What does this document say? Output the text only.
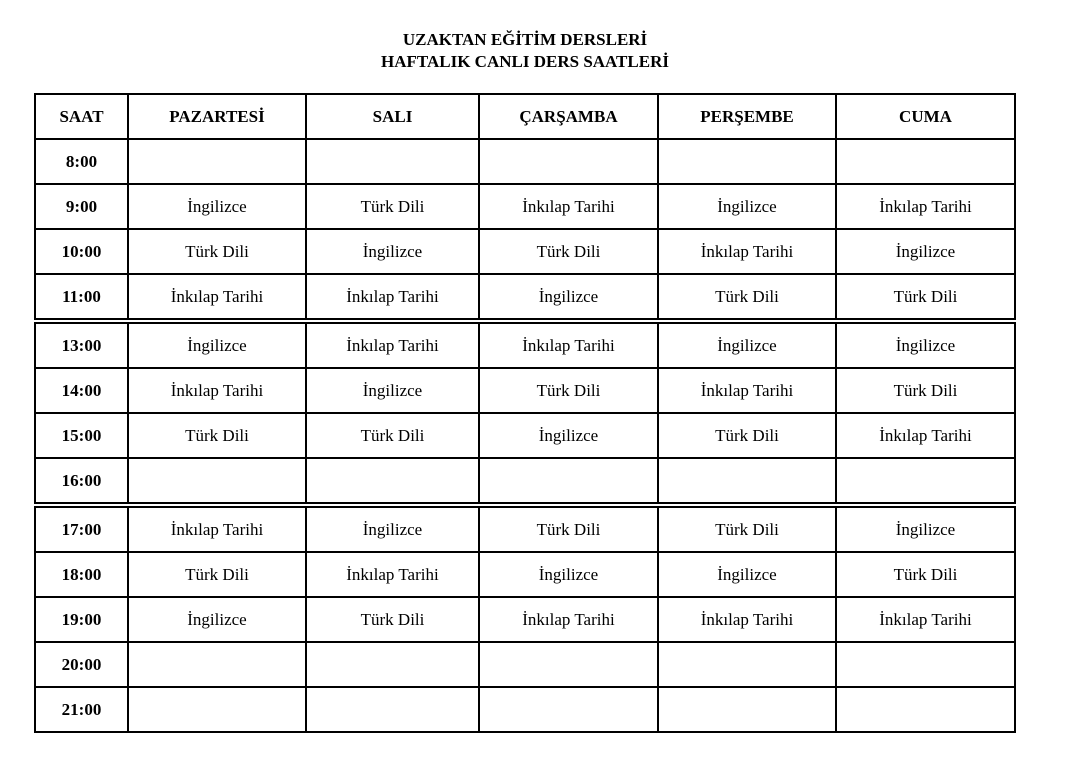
UZAKTAN EĞİTİM DERSLERİ
HAFTALIK CANLI DERS SAATLERİ
SAAT	PAZARTESİ	SALI	ÇARŞAMBA	PERŞEMBE	CUMA
8:00					
9:00	İngilizce	Türk Dili	İnkılap Tarihi	İngilizce	İnkılap Tarihi
10:00	Türk Dili	İngilizce	Türk Dili	İnkılap Tarihi	İngilizce
11:00	İnkılap Tarihi	İnkılap Tarihi	İngilizce	Türk Dili	Türk Dili
13:00	İngilizce	İnkılap Tarihi	İnkılap Tarihi	İngilizce	İngilizce
14:00	İnkılap Tarihi	İngilizce	Türk Dili	İnkılap Tarihi	Türk Dili
15:00	Türk Dili	Türk Dili	İngilizce	Türk Dili	İnkılap Tarihi
16:00					
17:00	İnkılap Tarihi	İngilizce	Türk Dili	Türk Dili	İngilizce
18:00	Türk Dili	İnkılap Tarihi	İngilizce	İngilizce	Türk Dili
19:00	İngilizce	Türk Dili	İnkılap Tarihi	İnkılap Tarihi	İnkılap Tarihi
20:00					
21:00					
